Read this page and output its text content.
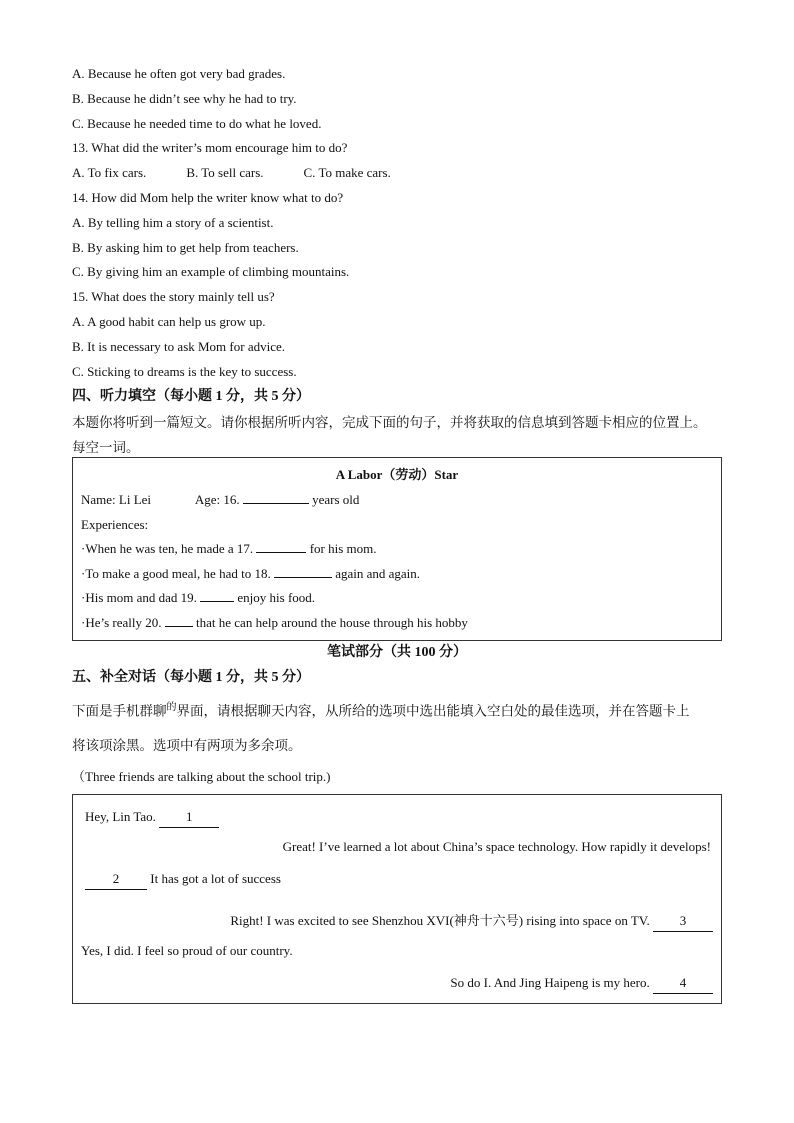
A. Because he often got very bad grades.
B. Because he didn’t see why he had to try.
C. Because he needed time to do what he loved.
13. What did the writer’s mom encourage him to do?
A. To fix cars.	B. To sell cars.	C. To make cars.
14. How did Mom help the writer know what to do?
A. By telling him a story of a scientist.
B. By asking him to get help from teachers.
C. By giving him an example of climbing mountains.
15. What does the story mainly tell us?
A. A good habit can help us grow up.
B. It is necessary to ask Mom for advice.
C. Sticking to dreams is the key to success.
四、听力填空（每小题 1 分，共 5 分）
本题你将听到一篇短文。请你根据所听内容，完成下面的句子，并将获取的信息填到答题卡相应的位置上。
每空一词。
A Labor（劳动）Star
Name: Li Lei	Age: 16.	years old
Experiences:
·When he was ten, he made a 17.	for his mom.
·To make a good meal, he had to 18.	again and again.
·His mom and dad 19.	enjoy his food.
·He’s really 20.  that he can help around the house through his hobby
笔试部分（共 100 分）
五、补全对话（每小题 1 分，共 5 分）
下面是手机群聊$^的$界面，请根据聊天内容，从所给的选项中选出能填入空白处的最佳选项，并在答题卡上
将该项涂黑。选项中有两项为多余项。
（Three friends are talking about the school trip.)
Hey, Lin Tao. 1
Great! I’ve learned a lot about China’s space technology. How rapidly it develops!
2 It has got a lot of success
Right! I was excited to see Shenzhou XVI(神舟十六号) rising into space on TV. 3
Yes, I did. I feel so proud of our country.
So do I. And Jing Haipeng is my hero. 4
